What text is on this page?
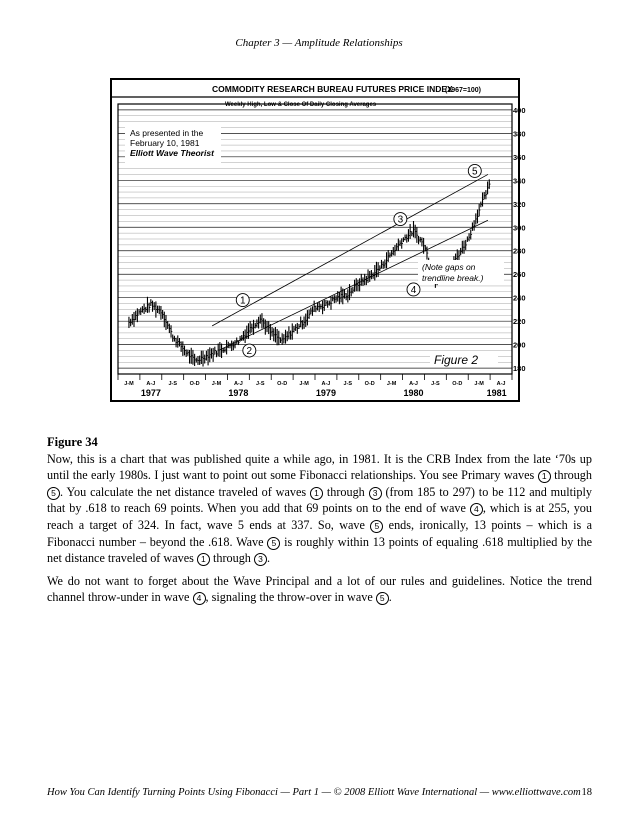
Chapter 3 — Amplitude Relationships
400
380
360
340
320
300
280
260
240
220
200
180
J-M A-J J-S O-D J-M A-J J-S O-D J-M A-J J-S O-D J-M A-J J-S O-D J-M A-J
1977	1978	1979	1980	1981
1
2
3
4
5
As presented in the
February 10, 1981
Elliott Wave Theorist
(Note gaps on
trendline break.)
Figure 2
COMMODITY RESEARCH BUREAU FUTURES PRICE INDEX
(1967=100)
Weekly High, Low & Close Of Daily Closing Averages
Figure 34

Now, this is a chart that was published quite a while ago, in 1981. It is the CRB Index from the late ‘70s up until the early 1980s. I just want to point out some Fibonacci relationships. You see Primary waves 1 through 5 . You calculate the net distance traveled of waves 1 through 3 (from 185 to 297) to be 112 and multiply that by .618 to reach 69 points. When you add that 69 points on to the end of wave 4 , which is at 255, you reach a target of 324. In fact, wave 5 ends at 337. So, wave 5 ends, ironically, 13 points – which is a Fibonacci number – beyond the .618. Wave 5 is roughly within 13 points of equaling .618 multiplied by the net distance traveled of waves 1 through 3 .

We do not want to forget about the Wave Principal and a lot of our rules and guidelines. Notice the trend channel throw-under in wave 4 , signaling the throw-over in wave 5 .

How You Can Identify Turning Points Using Fibonacci — Part 1 — © 2008 Elliott Wave International — www.elliottwave.com 18
